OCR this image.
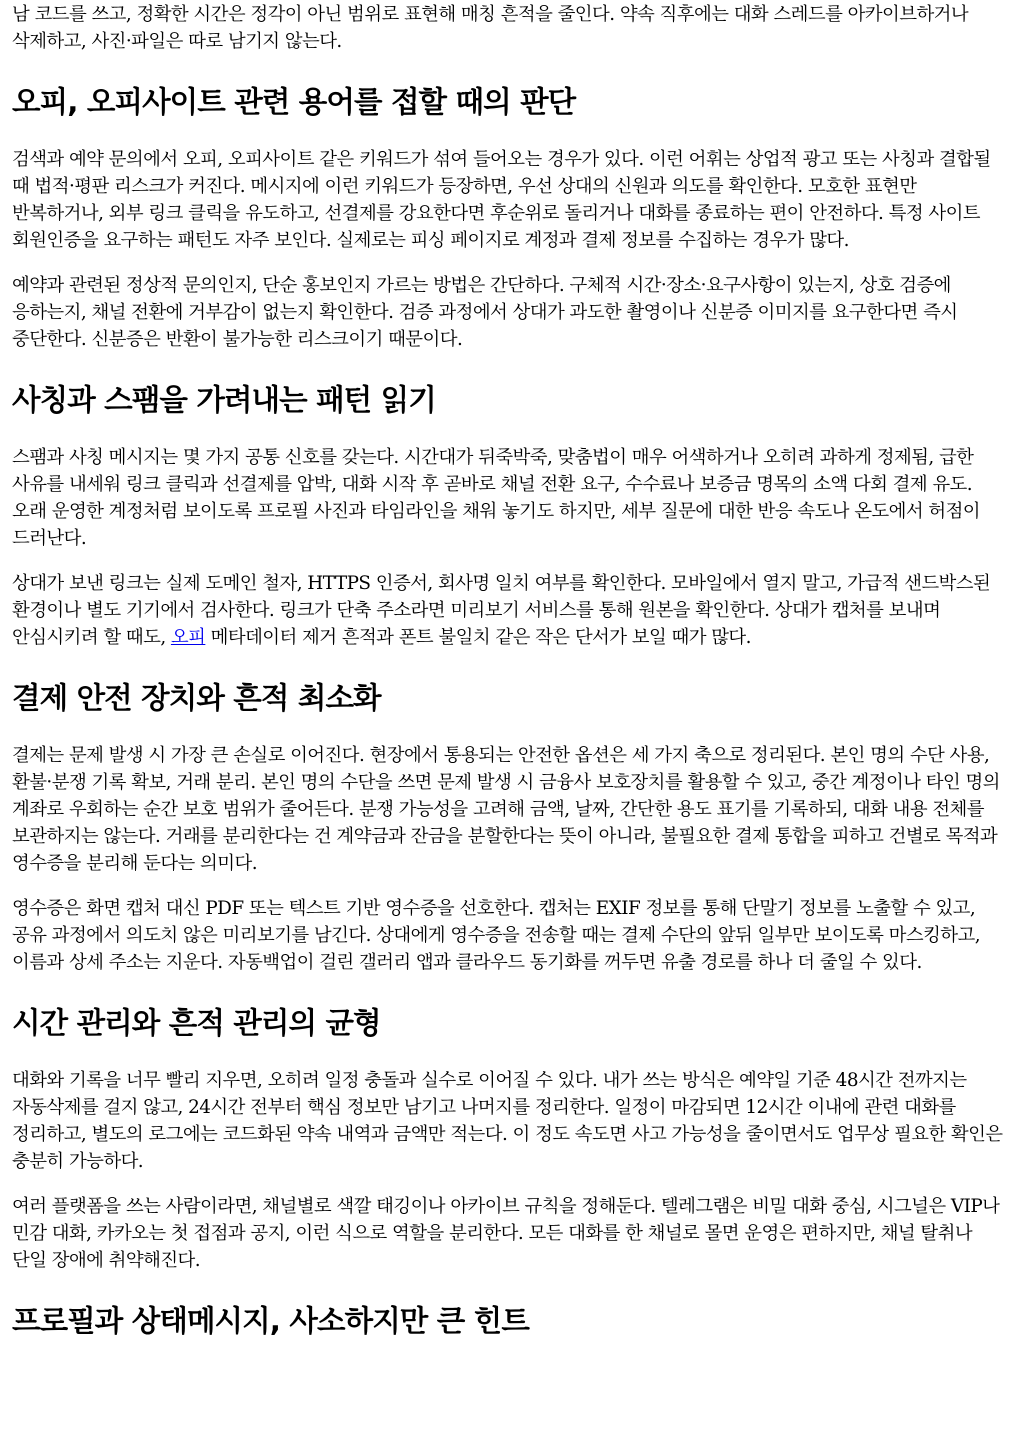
남 코드를 쓰고, 정확한 시간은 정각이 아닌 범위로 표현해 매칭 흔적을 줄인다. 약속 직후에는 대화 스레드를 아카이브하거나 삭제하고, 사진·파일은 따로 남기지 않는다.

오피, 오피사이트 관련 용어를 접할 때의 판단

검색과 예약 문의에서 오피, 오피사이트 같은 키워드가 섞여 들어오는 경우가 있다. 이런 어휘는 상업적 광고 또는 사칭과 결합될 때 법적·평판 리스크가 커진다. 메시지에 이런 키워드가 등장하면, 우선 상대의 신원과 의도를 확인한다. 모호한 표현만 반복하거나, 외부 링크 클릭을 유도하고, 선결제를 강요한다면 후순위로 돌리거나 대화를 종료하는 편이 안전하다. 특정 사이트 회원인증을 요구하는 패턴도 자주 보인다. 실제로는 피싱 페이지로 계정과 결제 정보를 수집하는 경우가 많다.

예약과 관련된 정상적 문의인지, 단순 홍보인지 가르는 방법은 간단하다. 구체적 시간·장소·요구사항이 있는지, 상호 검증에 응하는지, 채널 전환에 거부감이 없는지 확인한다. 검증 과정에서 상대가 과도한 촬영이나 신분증 이미지를 요구한다면 즉시 중단한다. 신분증은 반환이 불가능한 리스크이기 때문이다.

사칭과 스팸을 가려내는 패턴 읽기

스팸과 사칭 메시지는 몇 가지 공통 신호를 갖는다. 시간대가 뒤죽박죽, 맞춤법이 매우 어색하거나 오히려 과하게 정제됨, 급한 사유를 내세워 링크 클릭과 선결제를 압박, 대화 시작 후 곧바로 채널 전환 요구, 수수료나 보증금 명목의 소액 다회 결제 유도. 오래 운영한 계정처럼 보이도록 프로필 사진과 타임라인을 채워 놓기도 하지만, 세부 질문에 대한 반응 속도나 온도에서 허점이 드러난다.

상대가 보낸 링크는 실제 도메인 철자, HTTPS 인증서, 회사명 일치 여부를 확인한다. 모바일에서 열지 말고, 가급적 샌드박스된 환경이나 별도 기기에서 검사한다. 링크가 단축 주소라면 미리보기 서비스를 통해 원본을 확인한다. 상대가 캡처를 보내며 안심시키려 할 때도, 오피 메타데이터 제거 흔적과 폰트 불일치 같은 작은 단서가 보일 때가 많다.

결제 안전 장치와 흔적 최소화

결제는 문제 발생 시 가장 큰 손실로 이어진다. 현장에서 통용되는 안전한 옵션은 세 가지 축으로 정리된다. 본인 명의 수단 사용, 환불·분쟁 기록 확보, 거래 분리. 본인 명의 수단을 쓰면 문제 발생 시 금융사 보호장치를 활용할 수 있고, 중간 계정이나 타인 명의 계좌로 우회하는 순간 보호 범위가 줄어든다. 분쟁 가능성을 고려해 금액, 날짜, 간단한 용도 표기를 기록하되, 대화 내용 전체를 보관하지는 않는다. 거래를 분리한다는 건 계약금과 잔금을 분할한다는 뜻이 아니라, 불필요한 결제 통합을 피하고 건별로 목적과 영수증을 분리해 둔다는 의미다.

영수증은 화면 캡처 대신 PDF 또는 텍스트 기반 영수증을 선호한다. 캡처는 EXIF 정보를 통해 단말기 정보를 노출할 수 있고, 공유 과정에서 의도치 않은 미리보기를 남긴다. 상대에게 영수증을 전송할 때는 결제 수단의 앞뒤 일부만 보이도록 마스킹하고, 이름과 상세 주소는 지운다. 자동백업이 걸린 갤러리 앱과 클라우드 동기화를 꺼두면 유출 경로를 하나 더 줄일 수 있다.

시간 관리와 흔적 관리의 균형

대화와 기록을 너무 빨리 지우면, 오히려 일정 충돌과 실수로 이어질 수 있다. 내가 쓰는 방식은 예약일 기준 48시간 전까지는 자동삭제를 걸지 않고, 24시간 전부터 핵심 정보만 남기고 나머지를 정리한다. 일정이 마감되면 12시간 이내에 관련 대화를 정리하고, 별도의 로그에는 코드화된 약속 내역과 금액만 적는다. 이 정도 속도면 사고 가능성을 줄이면서도 업무상 필요한 확인은 충분히 가능하다.

여러 플랫폼을 쓰는 사람이라면, 채널별로 색깔 태깅이나 아카이브 규칙을 정해둔다. 텔레그램은 비밀 대화 중심, 시그널은 VIP나 민감 대화, 카카오는 첫 접점과 공지, 이런 식으로 역할을 분리한다. 모든 대화를 한 채널로 몰면 운영은 편하지만, 채널 탈취나 단일 장애에 취약해진다.

프로필과 상태메시지, 사소하지만 큰 힌트
